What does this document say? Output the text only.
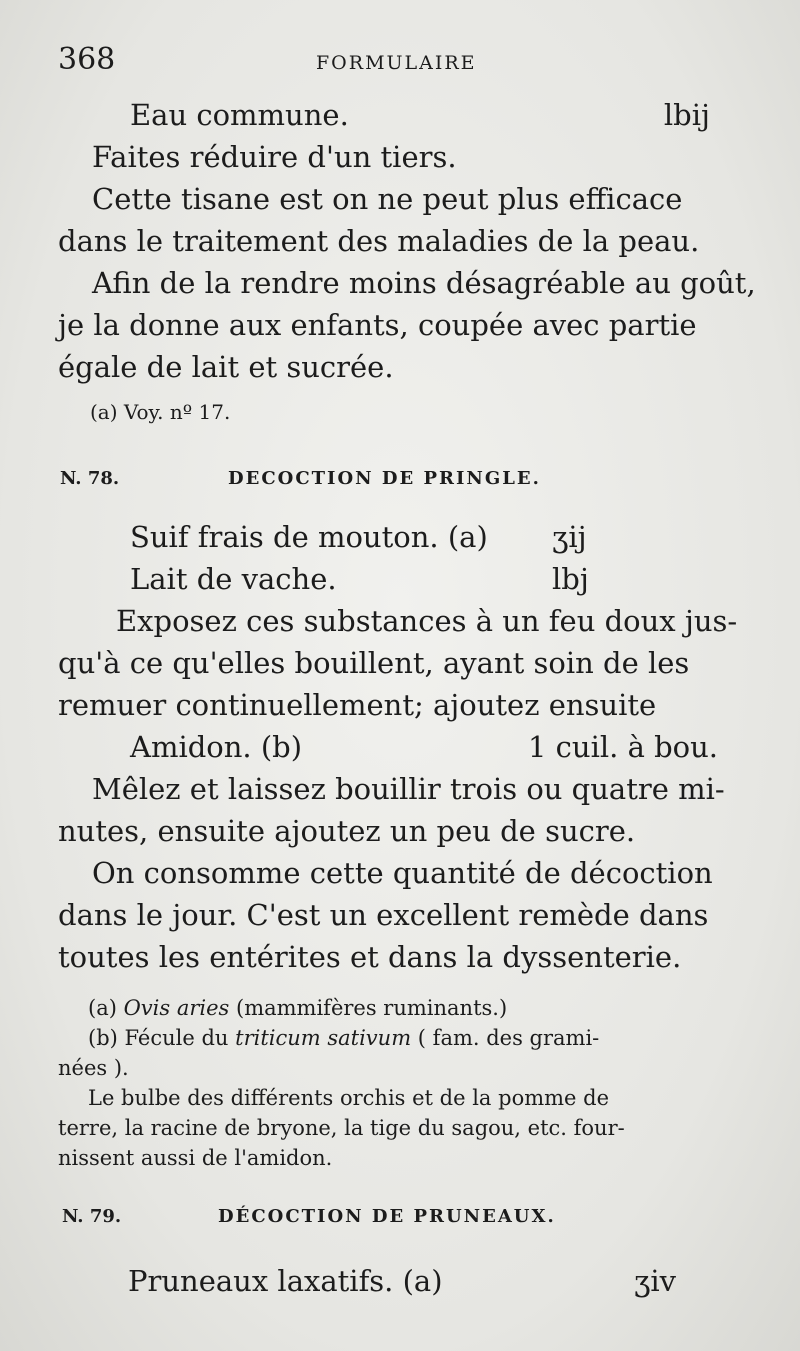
368	FORMULAIRE
Eau commune.	lbij
Faites réduire d'un tiers.
Cette tisane est on ne peut plus efficace
dans le traitement des maladies de la peau.
Afin de la rendre moins désagréable au goût,
je la donne aux enfants, coupée avec partie
égale de lait et sucrée.
(a) Voy. nº 17.
N. 78.	DECOCTION DE PRINGLE.
Suif frais de mouton. (a) ʒij
Lait de vache.	lbj
Exposez ces substances à un feu doux jus-
qu'à ce qu'elles bouillent, ayant soin de les
remuer continuellement; ajoutez ensuite
Amidon. (b)	1 cuil. à bou.
Mêlez et laissez bouillir trois ou quatre mi-
nutes, ensuite ajoutez un peu de sucre.
On consomme cette quantité de décoction
dans le jour. C'est un excellent remède dans
toutes les entérites et dans la dyssenterie.
(a) Ovis aries (mammifères ruminants.)
(b) Fécule du triticum sativum ( fam. des grami-
nées ).
Le bulbe des différents orchis et de la pomme de
terre, la racine de bryone, la tige du sagou, etc. four-
nissent aussi de l'amidon.
N. 79.	DÉCOCTION DE PRUNEAUX.
Pruneaux laxatifs. (a)	ʒiv
